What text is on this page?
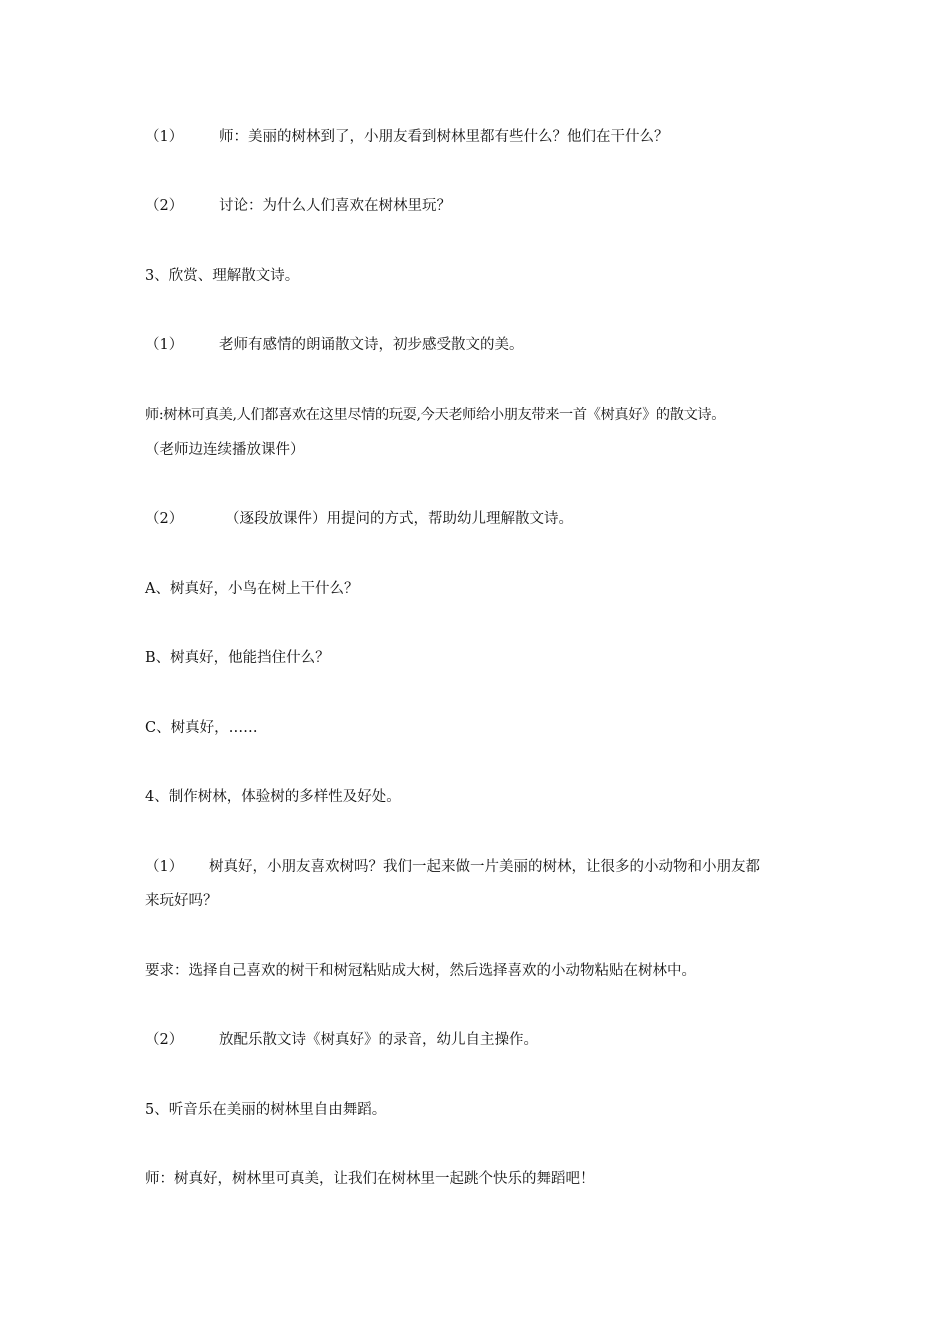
（1） 师：美丽的树林到了，小朋友看到树林里都有些什么？他们在干什么？
（2） 讨论：为什么人们喜欢在树林里玩？
3、欣赏、理解散文诗。
（1） 老师有感情的朗诵散文诗，初步感受散文的美。
师:树林可真美,人们都喜欢在这里尽情的玩耍,今天老师给小朋友带来一首《树真好》的散文诗。
（老师边连续播放课件）
（2）	（逐段放课件）用提问的方式，帮助幼儿理解散文诗。
A、树真好，小鸟在树上干什么？
B、树真好，他能挡住什么？
C、树真好，……
4、制作树林，体验树的多样性及好处。
（1） 树真好，小朋友喜欢树吗？我们一起来做一片美丽的树林，让很多的小动物和小朋友都
来玩好吗？
要求：选择自己喜欢的树干和树冠粘贴成大树，然后选择喜欢的小动物粘贴在树林中。
（2） 放配乐散文诗《树真好》的录音，幼儿自主操作。
5、听音乐在美丽的树林里自由舞蹈。
师：树真好，树林里可真美，让我们在树林里一起跳个快乐的舞蹈吧！
